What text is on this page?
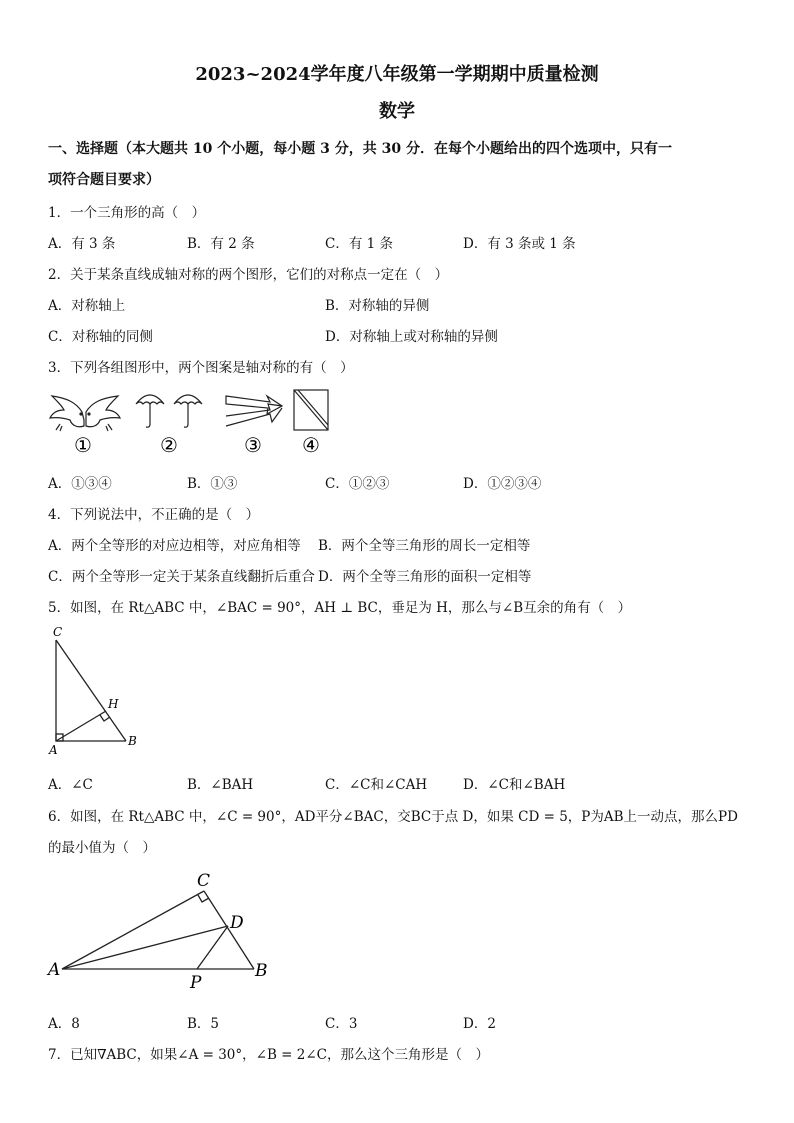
2023~2024学年度八年级第一学期期中质量检测
数学
一、选择题（本大题共 10 个小题，每小题 3 分，共 30 分．在每个小题给出的四个选项中，只有一
项符合题目要求）
1．一个三角形的高（　）
A．有 3 条	B．有 2 条	C．有 1 条	D．有 3 条或 1 条
2．关于某条直线成轴对称的两个图形，它们的对称点一定在（　）
A．对称轴上	B．对称轴的异侧
C．对称轴的同侧	D．对称轴上或对称轴的异侧
3．下列各组图形中，两个图案是轴对称的有（　）
①	②	③ ④
A．①③④	B．①③	C．①②③	D．①②③④
4．下列说法中，不正确的是（　）
A．两个全等形的对应边相等，对应角相等 B．两个全等三角形的周长一定相等
C．两个全等形一定关于某条直线翻折后重合 D．两个全等三角形的面积一定相等
5．如图，在 Rt△ABC 中，∠BAC = 90°，AH ⊥ BC，垂足为 H，那么与∠B互余的角有（　）
C
H
A
B
A．∠C	B．∠BAH	C．∠C和∠CAH	D．∠C和∠BAH
6．如图，在 Rt△ABC 中，∠C = 90°，AD平分∠BAC，交BC于点 D，如果 CD = 5，P为AB上一动点，那么PD
的最小值为（　）
C
D
A
P
B
A．8	B．5	C．3	D．2
7．已知∇ABC，如果∠A = 30°，∠B = 2∠C，那么这个三角形是（　）
